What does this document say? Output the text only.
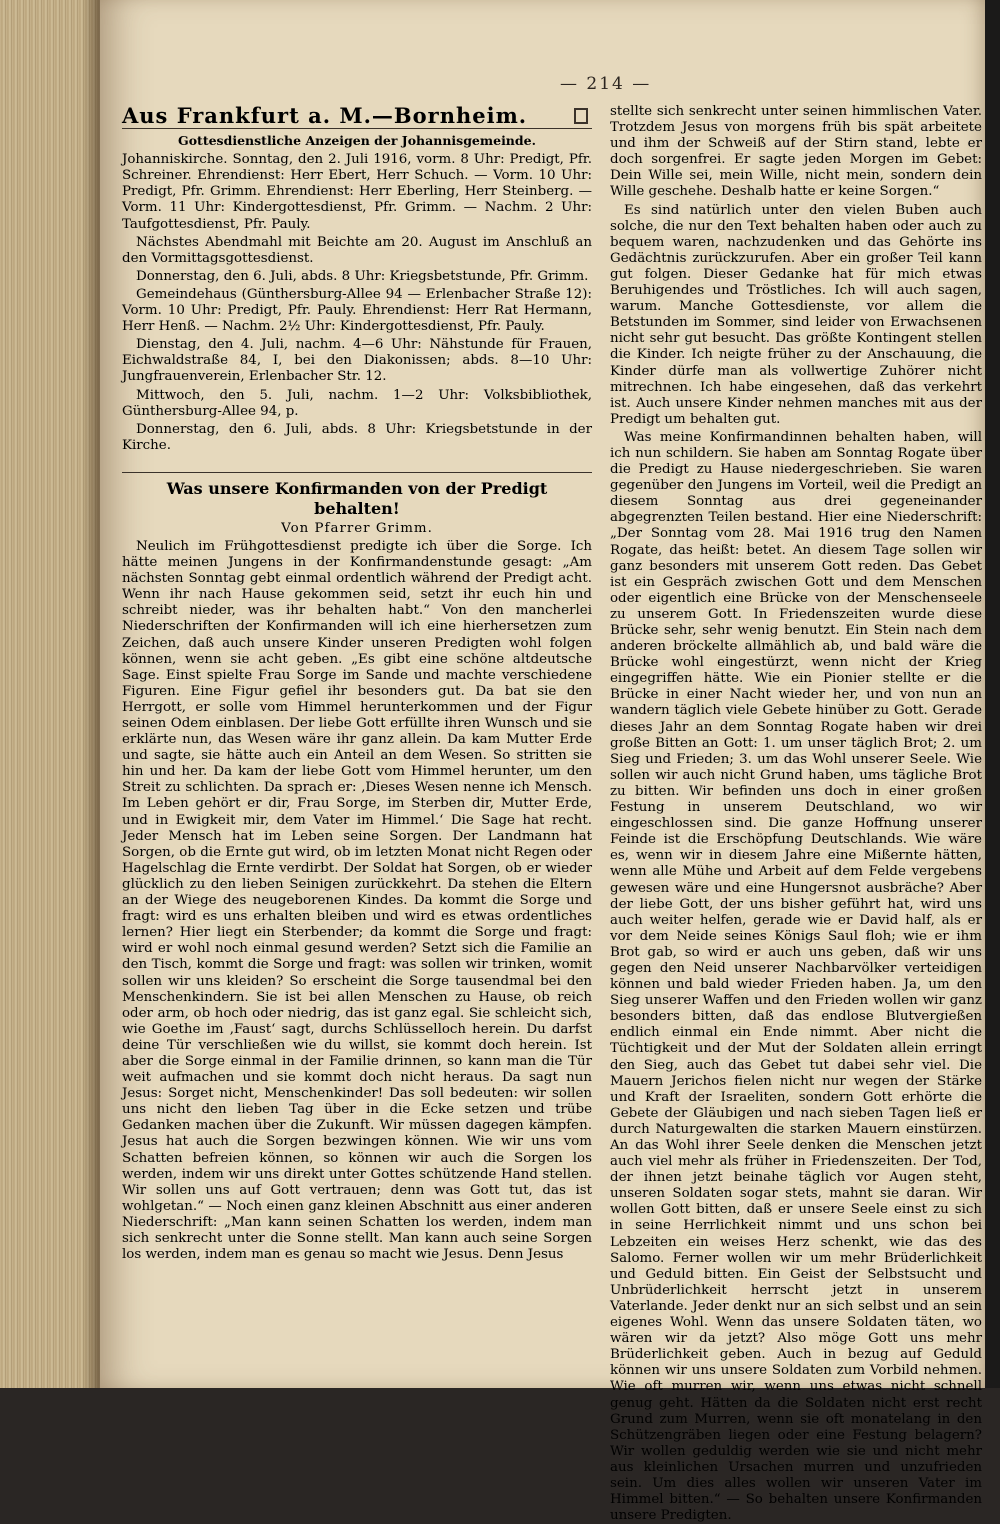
— 214 —
Aus Frankfurt a. M.—Bornheim.
Gottesdienstliche Anzeigen der Johannisgemeinde.

Johanniskirche. Sonntag, den 2. Juli 1916, vorm. 8 Uhr: Predigt, Pfr. Schreiner. Ehrendienst: Herr Ebert, Herr Schuch. — Vorm. 10 Uhr: Predigt, Pfr. Grimm. Ehrendienst: Herr Eberling, Herr Steinberg. — Vorm. 11 Uhr: Kindergottesdienst, Pfr. Grimm. — Nachm. 2 Uhr: Taufgottesdienst, Pfr. Pauly.

Nächstes Abendmahl mit Beichte am 20. August im Anschluß an den Vormittagsgottesdienst.

Donnerstag, den 6. Juli, abds. 8 Uhr: Kriegsbetstunde, Pfr. Grimm.

Gemeindehaus (Günthersburg-Allee 94 — Erlenbacher Straße 12): Vorm. 10 Uhr: Predigt, Pfr. Pauly. Ehrendienst: Herr Rat Hermann, Herr Henß. — Nachm. 2½ Uhr: Kindergottesdienst, Pfr. Pauly.

Dienstag, den 4. Juli, nachm. 4—6 Uhr: Nähstunde für Frauen, Eichwaldstraße 84, I, bei den Diakonissen; abds. 8—10 Uhr: Jungfrauenverein, Erlenbacher Str. 12.

Mittwoch, den 5. Juli, nachm. 1—2 Uhr: Volksbibliothek, Günthersburg-Allee 94, p.

Donnerstag, den 6. Juli, abds. 8 Uhr: Kriegsbetstunde in der Kirche.

Was unsere Konfirmanden von der Predigt behalten!
Von Pfarrer Grimm.

Neulich im Frühgottesdienst predigte ich über die Sorge. Ich hätte meinen Jungens in der Konfirmandenstunde gesagt: „Am nächsten Sonntag gebt einmal ordentlich während der Predigt acht. Wenn ihr nach Hause gekommen seid, setzt ihr euch hin und schreibt nieder, was ihr behalten habt.“ Von den mancherlei Niederschriften der Konfirmanden will ich eine hierhersetzen zum Zeichen, daß auch unsere Kinder unseren Predigten wohl folgen können, wenn sie acht geben. „Es gibt eine schöne altdeutsche Sage. Einst spielte Frau Sorge im Sande und machte verschiedene Figuren. Eine Figur gefiel ihr besonders gut. Da bat sie den Herrgott, er solle vom Himmel herunterkommen und der Figur seinen Odem einblasen. Der liebe Gott erfüllte ihren Wunsch und sie erklärte nun, das Wesen wäre ihr ganz allein. Da kam Mutter Erde und sagte, sie hätte auch ein Anteil an dem Wesen. So stritten sie hin und her. Da kam der liebe Gott vom Himmel herunter, um den Streit zu schlichten. Da sprach er: ‚Dieses Wesen nenne ich Mensch. Im Leben gehört er dir, Frau Sorge, im Sterben dir, Mutter Erde, und in Ewigkeit mir, dem Vater im Himmel.‘ Die Sage hat recht. Jeder Mensch hat im Leben seine Sorgen. Der Landmann hat Sorgen, ob die Ernte gut wird, ob im letzten Monat nicht Regen oder Hagelschlag die Ernte verdirbt. Der Soldat hat Sorgen, ob er wieder glücklich zu den lieben Seinigen zurückkehrt. Da stehen die Eltern an der Wiege des neugeborenen Kindes. Da kommt die Sorge und fragt: wird es uns erhalten bleiben und wird es etwas ordentliches lernen? Hier liegt ein Sterbender; da kommt die Sorge und fragt: wird er wohl noch einmal gesund werden? Setzt sich die Familie an den Tisch, kommt die Sorge und fragt: was sollen wir trinken, womit sollen wir uns kleiden? So erscheint die Sorge tausendmal bei den Menschenkindern. Sie ist bei allen Menschen zu Hause, ob reich oder arm, ob hoch oder niedrig, das ist ganz egal. Sie schleicht sich, wie Goethe im ‚Faust‘ sagt, durchs Schlüsselloch herein. Du darfst deine Tür verschließen wie du willst, sie kommt doch herein. Ist aber die Sorge einmal in der Familie drinnen, so kann man die Tür weit aufmachen und sie kommt doch nicht heraus. Da sagt nun Jesus: Sorget nicht, Menschenkinder! Das soll bedeuten: wir sollen uns nicht den lieben Tag über in die Ecke setzen und trübe Gedanken machen über die Zukunft. Wir müssen dagegen kämpfen. Jesus hat auch die Sorgen bezwingen können. Wie wir uns vom Schatten befreien können, so können wir auch die Sorgen los werden, indem wir uns direkt unter Gottes schützende Hand stellen. Wir sollen uns auf Gott vertrauen; denn was Gott tut, das ist wohlgetan.“ — Noch einen ganz kleinen Abschnitt aus einer anderen Niederschrift: „Man kann seinen Schatten los werden, indem man sich senkrecht unter die Sonne stellt. Man kann auch seine Sorgen los werden, indem man es genau so macht wie Jesus. Denn Jesus

stellte sich senkrecht unter seinen himmlischen Vater. Trotzdem Jesus von morgens früh bis spät arbeitete und ihm der Schweiß auf der Stirn stand, lebte er doch sorgenfrei. Er sagte jeden Morgen im Gebet: Dein Wille sei, mein Wille, nicht mein, sondern dein Wille geschehe. Deshalb hatte er keine Sorgen.“

Es sind natürlich unter den vielen Buben auch solche, die nur den Text behalten haben oder auch zu bequem waren, nachzudenken und das Gehörte ins Gedächtnis zurückzurufen. Aber ein großer Teil kann gut folgen. Dieser Gedanke hat für mich etwas Beruhigendes und Tröstliches. Ich will auch sagen, warum. Manche Gottesdienste, vor allem die Betstunden im Sommer, sind leider von Erwachsenen nicht sehr gut besucht. Das größte Kontingent stellen die Kinder. Ich neigte früher zu der Anschauung, die Kinder dürfe man als vollwertige Zuhörer nicht mitrechnen. Ich habe eingesehen, daß das verkehrt ist. Auch unsere Kinder nehmen manches mit aus der Predigt um behalten gut.

Was meine Konfirmandinnen behalten haben, will ich nun schildern. Sie haben am Sonntag Rogate über die Predigt zu Hause niedergeschrieben. Sie waren gegenüber den Jungens im Vorteil, weil die Predigt an diesem Sonntag aus drei gegeneinander abgegrenzten Teilen bestand. Hier eine Niederschrift: „Der Sonntag vom 28. Mai 1916 trug den Namen Rogate, das heißt: betet. An diesem Tage sollen wir ganz besonders mit unserem Gott reden. Das Gebet ist ein Gespräch zwischen Gott und dem Menschen oder eigentlich eine Brücke von der Menschenseele zu unserem Gott. In Friedenszeiten wurde diese Brücke sehr, sehr wenig benutzt. Ein Stein nach dem anderen bröckelte allmählich ab, und bald wäre die Brücke wohl eingestürzt, wenn nicht der Krieg eingegriffen hätte. Wie ein Pionier stellte er die Brücke in einer Nacht wieder her, und von nun an wandern täglich viele Gebete hinüber zu Gott. Gerade dieses Jahr an dem Sonntag Rogate haben wir drei große Bitten an Gott: 1. um unser täglich Brot; 2. um Sieg und Frieden; 3. um das Wohl unserer Seele. Wie sollen wir auch nicht Grund haben, ums tägliche Brot zu bitten. Wir befinden uns doch in einer großen Festung in unserem Deutschland, wo wir eingeschlossen sind. Die ganze Hoffnung unserer Feinde ist die Erschöpfung Deutschlands. Wie wäre es, wenn wir in diesem Jahre eine Mißernte hätten, wenn alle Mühe und Arbeit auf dem Felde vergebens gewesen wäre und eine Hungersnot ausbräche? Aber der liebe Gott, der uns bisher geführt hat, wird uns auch weiter helfen, gerade wie er David half, als er vor dem Neide seines Königs Saul floh; wie er ihm Brot gab, so wird er auch uns geben, daß wir uns gegen den Neid unserer Nachbarvölker verteidigen können und bald wieder Frieden haben. Ja, um den Sieg unserer Waffen und den Frieden wollen wir ganz besonders bitten, daß das endlose Blutvergießen endlich einmal ein Ende nimmt. Aber nicht die Tüchtigkeit und der Mut der Soldaten allein erringt den Sieg, auch das Gebet tut dabei sehr viel. Die Mauern Jerichos fielen nicht nur wegen der Stärke und Kraft der Israeliten, sondern Gott erhörte die Gebete der Gläubigen und nach sieben Tagen ließ er durch Naturgewalten die starken Mauern einstürzen. An das Wohl ihrer Seele denken die Menschen jetzt auch viel mehr als früher in Friedenszeiten. Der Tod, der ihnen jetzt beinahe täglich vor Augen steht, unseren Soldaten sogar stets, mahnt sie daran. Wir wollen Gott bitten, daß er unsere Seele einst zu sich in seine Herrlichkeit nimmt und uns schon bei Lebzeiten ein weises Herz schenkt, wie das des Salomo. Ferner wollen wir um mehr Brüderlichkeit und Geduld bitten. Ein Geist der Selbstsucht und Unbrüderlichkeit herrscht jetzt in unserem Vaterlande. Jeder denkt nur an sich selbst und an sein eigenes Wohl. Wenn das unsere Soldaten täten, wo wären wir da jetzt? Also möge Gott uns mehr Brüderlichkeit geben. Auch in bezug auf Geduld können wir uns unsere Soldaten zum Vorbild nehmen. Wie oft murren wir, wenn uns etwas nicht schnell genug geht. Hätten da die Soldaten nicht erst recht Grund zum Murren, wenn sie oft monatelang in den Schützengräben liegen oder eine Festung belagern? Wir wollen geduldig werden wie sie und nicht mehr aus kleinlichen Ursachen murren und unzufrieden sein. Um dies alles wollen wir unseren Vater im Himmel bitten.“ — So behalten unsere Konfirmanden unsere Predigten.
